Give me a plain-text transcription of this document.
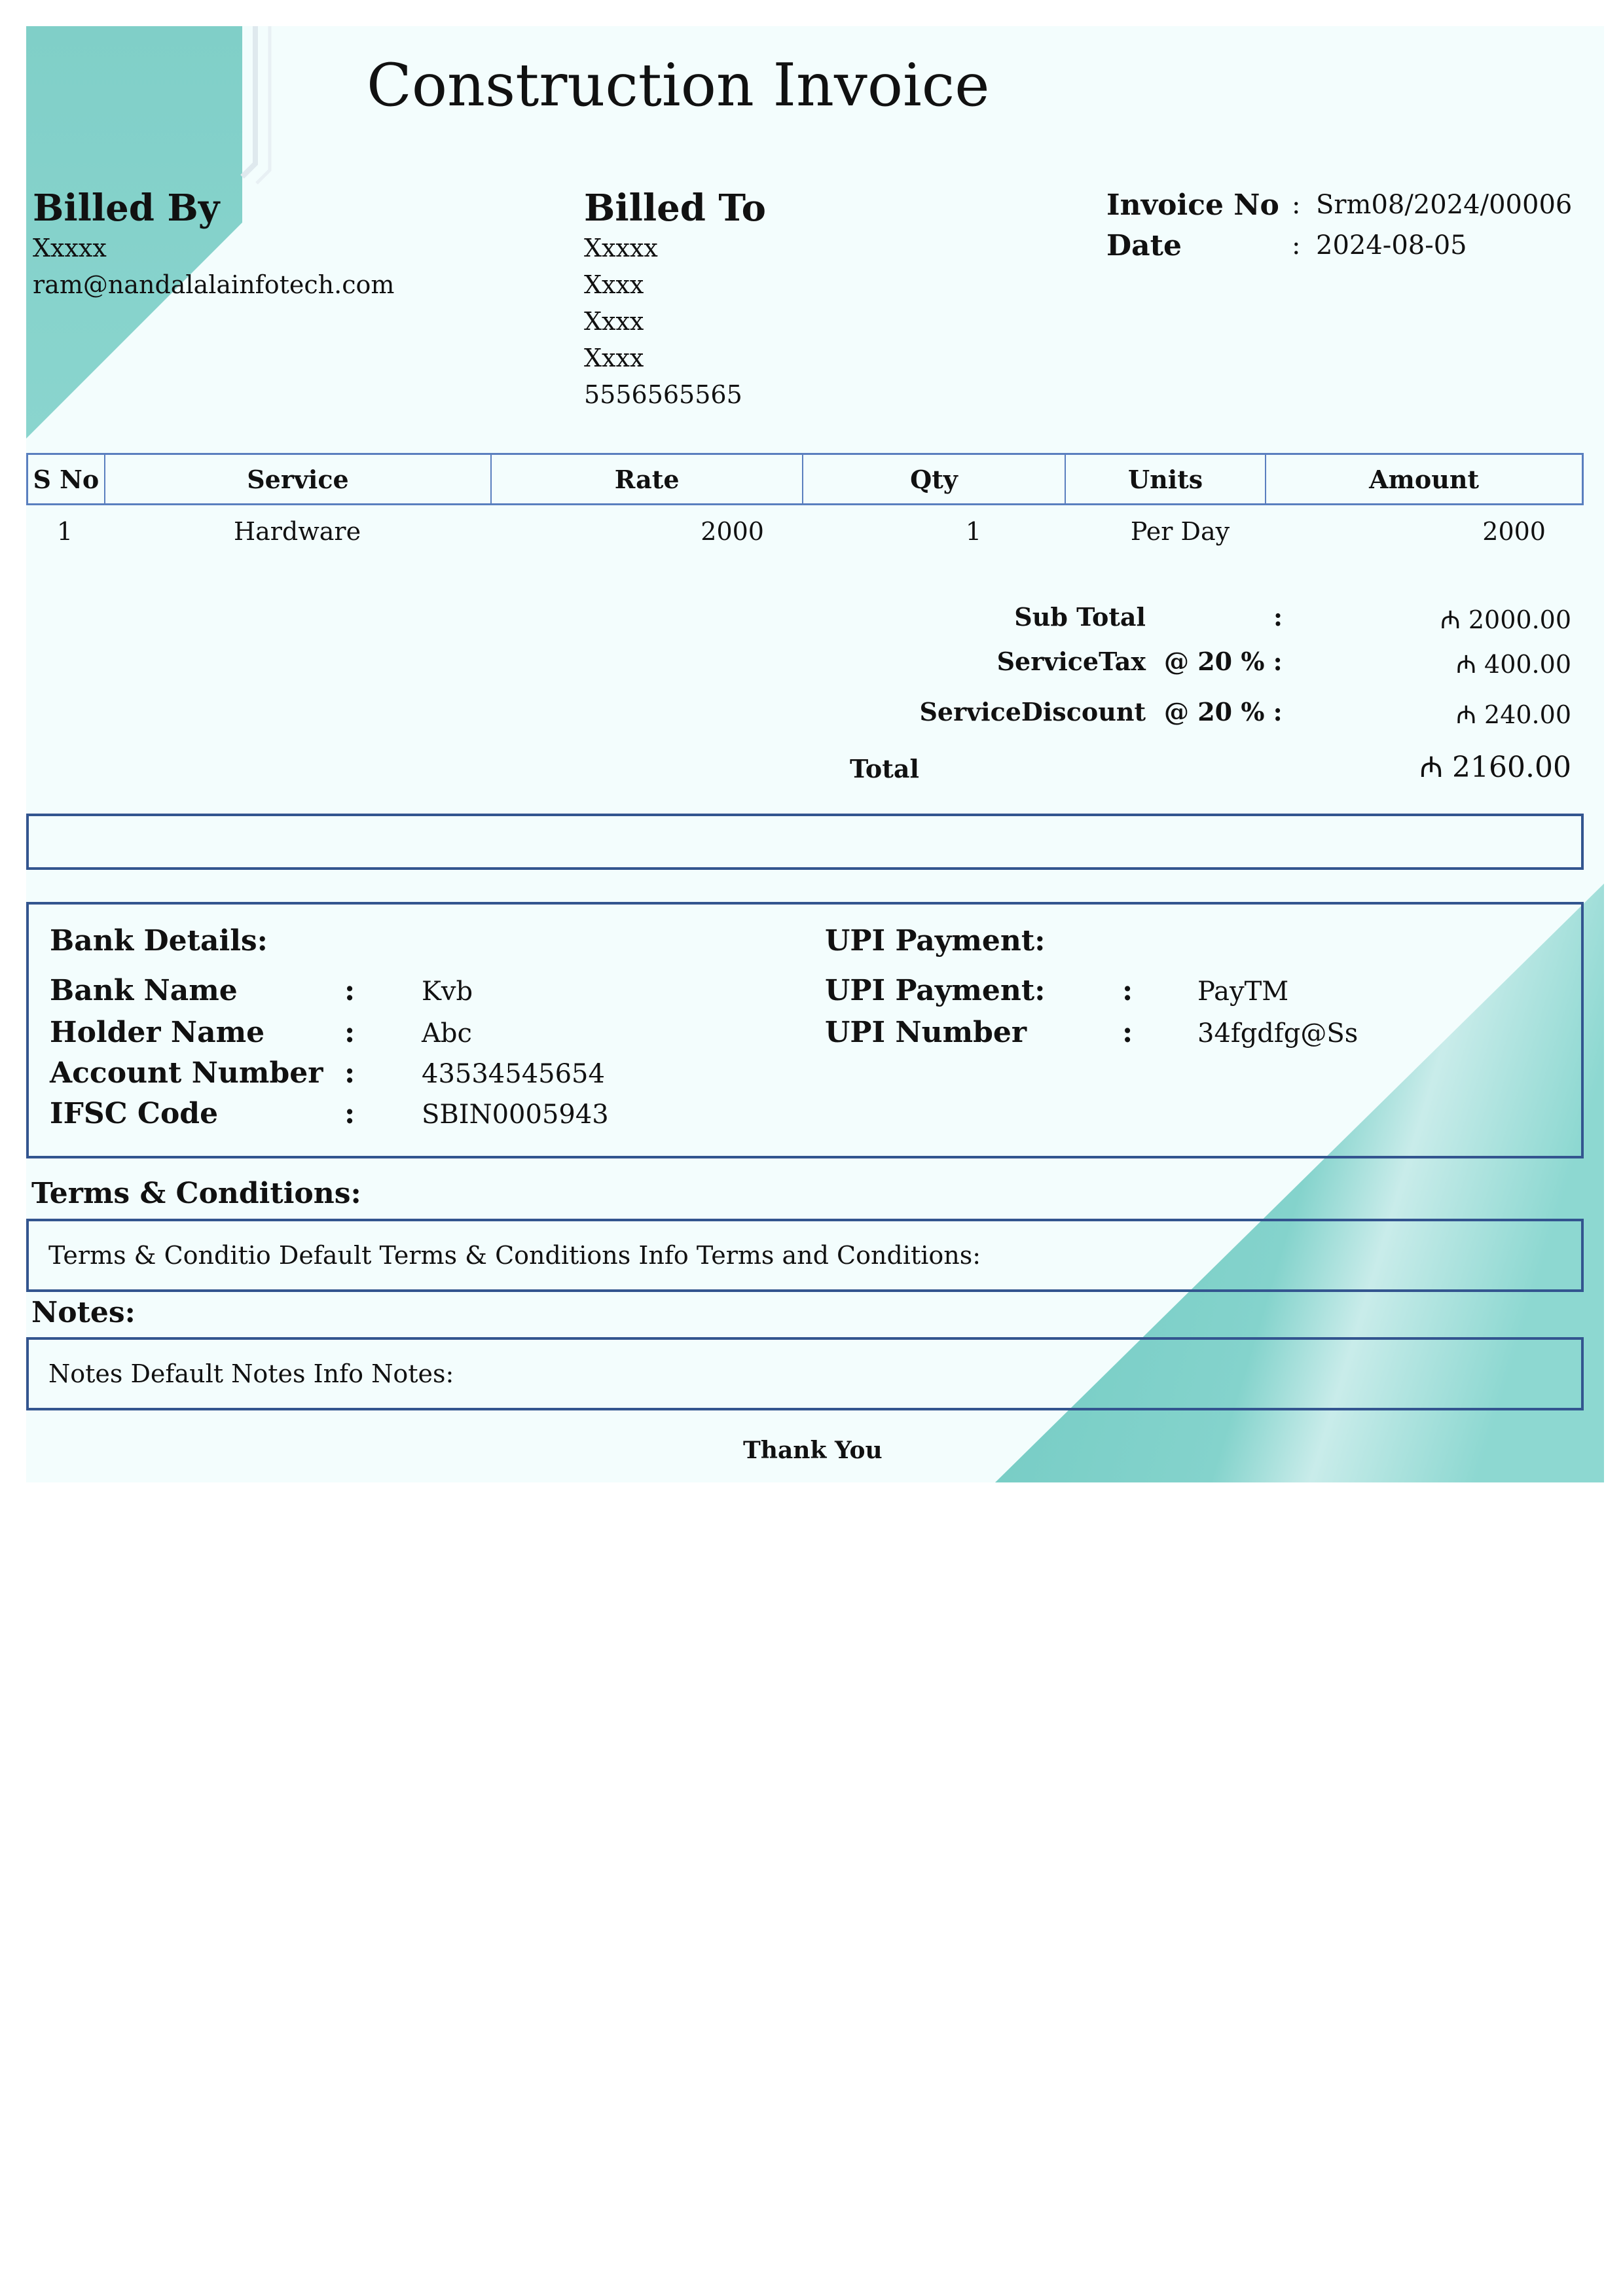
Construction Invoice
Billed By
Xxxxx
ram@nandalalainfotech.com
Billed To
Xxxxx
Xxxx
Xxxx
Xxxx
5556565565
Invoice No : Srm08/2024/00006
Date	: 2024-08-05
S No	Service	Rate	Qty	Units	Amount
1	Hardware	2000	1	Per Day	2000
Sub Total	:	₼ 2000.00
ServiceTax @ 20 % :	₼ 400.00
ServiceDiscount @ 20 % :	₼ 240.00
Total	₼ 2160.00
Bank Details:
Bank Name	:	Kvb
Holder Name	:	Abc
Account Number :	43534545654
IFSC Code	:	SBIN0005943
UPI Payment:
UPI Payment:	: PayTM
UPI Number	: 34fgdfg@Ss
Terms & Conditions:
Terms & Conditio Default Terms & Conditions Info Terms and Conditions:
Notes:
Notes Default Notes Info Notes:
Thank You
